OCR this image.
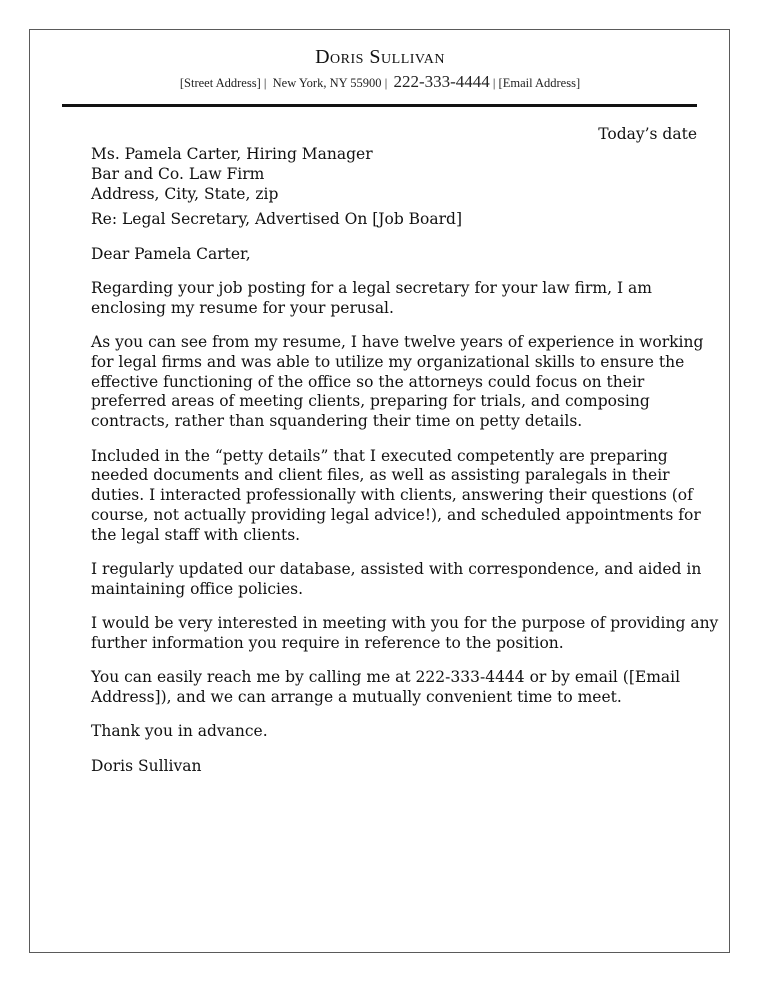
Doris Sullivan
[Street Address] | New York, NY 55900 | 222-333-4444 | [Email Address]
Today’s date

Ms. Pamela Carter, Hiring Manager
Bar and Co. Law Firm
Address, City, State, zip

Re: Legal Secretary, Advertised On [Job Board]

Dear Pamela Carter,

Regarding your job posting for a legal secretary for your law firm, I am
enclosing my resume for your perusal.

As you can see from my resume, I have twelve years of experience in working
for legal firms and was able to utilize my organizational skills to ensure the
effective functioning of the office so the attorneys could focus on their
preferred areas of meeting clients, preparing for trials, and composing
contracts, rather than squandering their time on petty details.

Included in the “petty details” that I executed competently are preparing
needed documents and client files, as well as assisting paralegals in their
duties. I interacted professionally with clients, answering their questions (of
course, not actually providing legal advice!), and scheduled appointments for
the legal staff with clients.

I regularly updated our database, assisted with correspondence, and aided in
maintaining office policies.

I would be very interested in meeting with you for the purpose of providing any
further information you require in reference to the position.

You can easily reach me by calling me at 222-333-4444 or by email ([Email
Address]), and we can arrange a mutually convenient time to meet.

Thank you in advance.

Doris Sullivan
